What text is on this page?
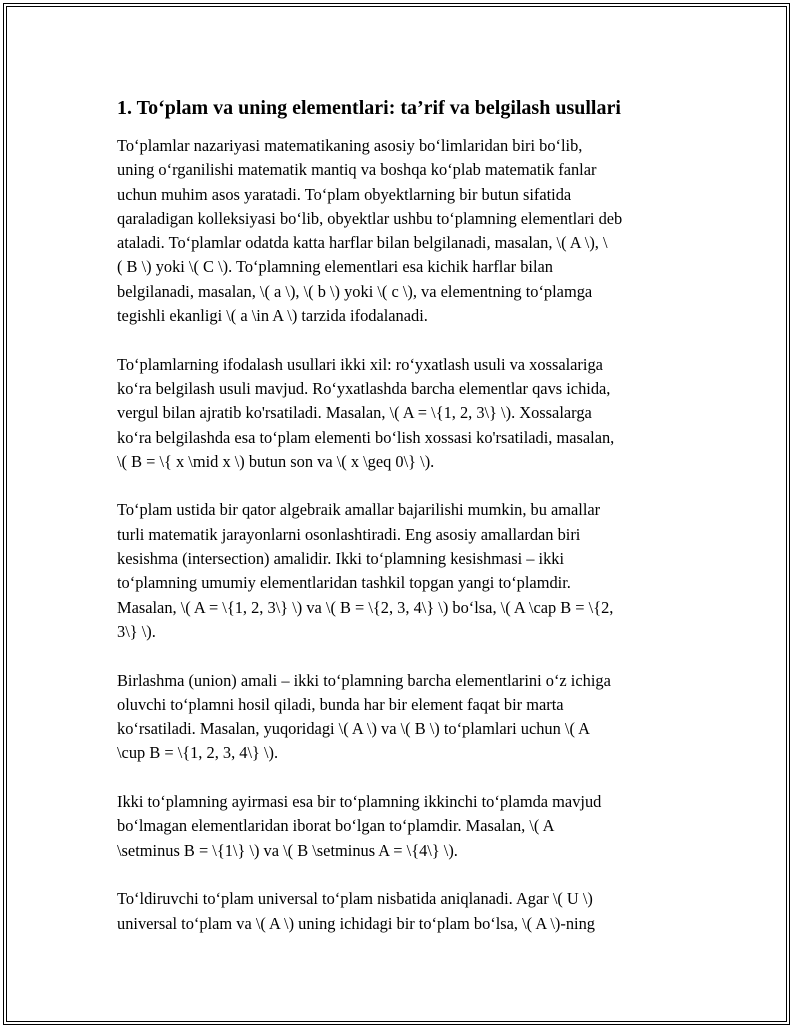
1. To‘plam va uning elementlari: ta’rif va belgilash usullari
To‘plamlar nazariyasi matematikaning asosiy bo‘limlaridan biri bo‘lib,
uning o‘rganilishi matematik mantiq va boshqa ko‘plab matematik fanlar
uchun muhim asos yaratadi. To‘plam obyektlarning bir butun sifatida
qaraladigan kolleksiyasi bo‘lib, obyektlar ushbu to‘plamning elementlari deb
ataladi. To‘plamlar odatda katta harflar bilan belgilanadi, masalan, \( A \), \
( B \) yoki \( C \). To‘plamning elementlari esa kichik harflar bilan
belgilanadi, masalan, \( a \), \( b \) yoki \( c \), va elementning to‘plamga
tegishli ekanligi \( a \in A \) tarzida ifodalanadi.
To‘plamlarning ifodalash usullari ikki xil: ro‘yxatlash usuli va xossalariga
ko‘ra belgilash usuli mavjud. Ro‘yxatlashda barcha elementlar qavs ichida,
vergul bilan ajratib ko'rsatiladi. Masalan, \( A = \{1, 2, 3\} \). Xossalarga
ko‘ra belgilashda esa to‘plam elementi bo‘lish xossasi ko'rsatiladi, masalan,
\( B = \{ x \mid x \) butun son va \( x \geq 0\} \).
To‘plam ustida bir qator algebraik amallar bajarilishi mumkin, bu amallar
turli matematik jarayonlarni osonlashtiradi. Eng asosiy amallardan biri
kesishma (intersection) amalidir. Ikki to‘plamning kesishmasi – ikki
to‘plamning umumiy elementlaridan tashkil topgan yangi to‘plamdir.
Masalan, \( A = \{1, 2, 3\} \) va \( B = \{2, 3, 4\} \) bo‘lsa, \( A \cap B = \{2,
3\} \).
Birlashma (union) amali – ikki to‘plamning barcha elementlarini o‘z ichiga
oluvchi to‘plamni hosil qiladi, bunda har bir element faqat bir marta
ko‘rsatiladi. Masalan, yuqoridagi \( A \) va \( B \) to‘plamlari uchun \( A
\cup B = \{1, 2, 3, 4\} \).
Ikki to‘plamning ayirmasi esa bir to‘plamning ikkinchi to‘plamda mavjud
bo‘lmagan elementlaridan iborat bo‘lgan to‘plamdir. Masalan, \( A
\setminus B = \{1\} \) va \( B \setminus A = \{4\} \).
To‘ldiruvchi to‘plam universal to‘plam nisbatida aniqlanadi. Agar \( U \)
universal to‘plam va \( A \) uning ichidagi bir to‘plam bo‘lsa, \( A \)-ning
